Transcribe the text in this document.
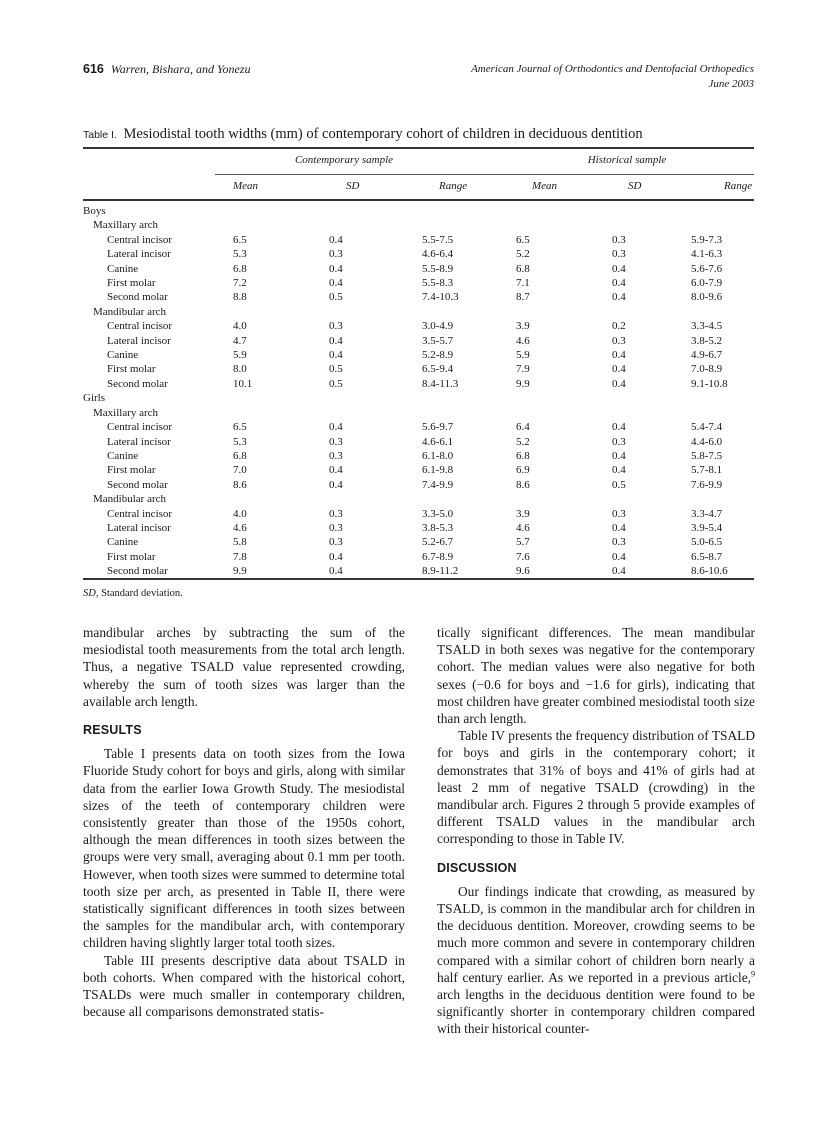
616 Warren, Bishara, and Yonezu	American Journal of Orthodontics and Dentofacial Orthopedics
June 2003
Table I. Mesiodistal tooth widths (mm) of contemporary cohort of children in deciduous dentition
Contemporary sample	Historical sample
Mean	SD	Range	Mean	SD	Range
Boys						
Maxillary arch						
Central incisor	6.5	0.4	5.5-7.5	6.5	0.3	5.9-7.3
Lateral incisor	5.3	0.3	4.6-6.4	5.2	0.3	4.1-6.3
Canine	6.8	0.4	5.5-8.9	6.8	0.4	5.6-7.6
First molar	7.2	0.4	5.5-8.3	7.1	0.4	6.0-7.9
Second molar	8.8	0.5	7.4-10.3	8.7	0.4	8.0-9.6
Mandibular arch						
Central incisor	4.0	0.3	3.0-4.9	3.9	0.2	3.3-4.5
Lateral incisor	4.7	0.4	3.5-5.7	4.6	0.3	3.8-5.2
Canine	5.9	0.4	5.2-8.9	5.9	0.4	4.9-6.7
First molar	8.0	0.5	6.5-9.4	7.9	0.4	7.0-8.9
Second molar	10.1	0.5	8.4-11.3	9.9	0.4	9.1-10.8
Girls						
Maxillary arch						
Central incisor	6.5	0.4	5.6-9.7	6.4	0.4	5.4-7.4
Lateral incisor	5.3	0.3	4.6-6.1	5.2	0.3	4.4-6.0
Canine	6.8	0.3	6.1-8.0	6.8	0.4	5.8-7.5
First molar	7.0	0.4	6.1-9.8	6.9	0.4	5.7-8.1
Second molar	8.6	0.4	7.4-9.9	8.6	0.5	7.6-9.9
Mandibular arch						
Central incisor	4.0	0.3	3.3-5.0	3.9	0.3	3.3-4.7
Lateral incisor	4.6	0.3	3.8-5.3	4.6	0.4	3.9-5.4
Canine	5.8	0.3	5.2-6.7	5.7	0.3	5.0-6.5
First molar	7.8	0.4	6.7-8.9	7.6	0.4	6.5-8.7
Second molar	9.9	0.4	8.9-11.2	9.6	0.4	8.6-10.6
SD, Standard deviation.

mandibular arches by subtracting the sum of the mesiodistal tooth measurements from the total arch length. Thus, a negative TSALD value represented crowding, whereby the sum of tooth sizes was larger than the available arch length.

RESULTS

Table I presents data on tooth sizes from the Iowa Fluoride Study cohort for boys and girls, along with similar data from the earlier Iowa Growth Study. The mesiodistal sizes of the teeth of contemporary children were consistently greater than those of the 1950s cohort, although the mean differences in tooth sizes between the groups were very small, averaging about 0.1 mm per tooth. However, when tooth sizes were summed to determine total tooth size per arch, as presented in Table II, there were statistically significant differences in tooth sizes between the samples for the mandibular arch, with contemporary children having slightly larger total tooth sizes.

Table III presents descriptive data about TSALD in both cohorts. When compared with the historical cohort, TSALDs were much smaller in contemporary children, because all comparisons demonstrated statis-

tically significant differences. The mean mandibular TSALD in both sexes was negative for the contemporary cohort. The median values were also negative for both sexes (−0.6 for boys and −1.6 for girls), indicating that most children have greater combined mesiodistal tooth size than arch length.

Table IV presents the frequency distribution of TSALD for boys and girls in the contemporary cohort; it demonstrates that 31% of boys and 41% of girls had at least 2 mm of negative TSALD (crowding) in the mandibular arch. Figures 2 through 5 provide examples of different TSALD values in the mandibular arch corresponding to those in Table IV.

DISCUSSION

Our findings indicate that crowding, as measured by TSALD, is common in the mandibular arch for children in the deciduous dentition. Moreover, crowding seems to be much more common and severe in contemporary children compared with a similar cohort of children born nearly a half century earlier. As we reported in a previous article,$^9$ arch lengths in the deciduous dentition were found to be significantly shorter in contemporary children compared with their historical counter-
